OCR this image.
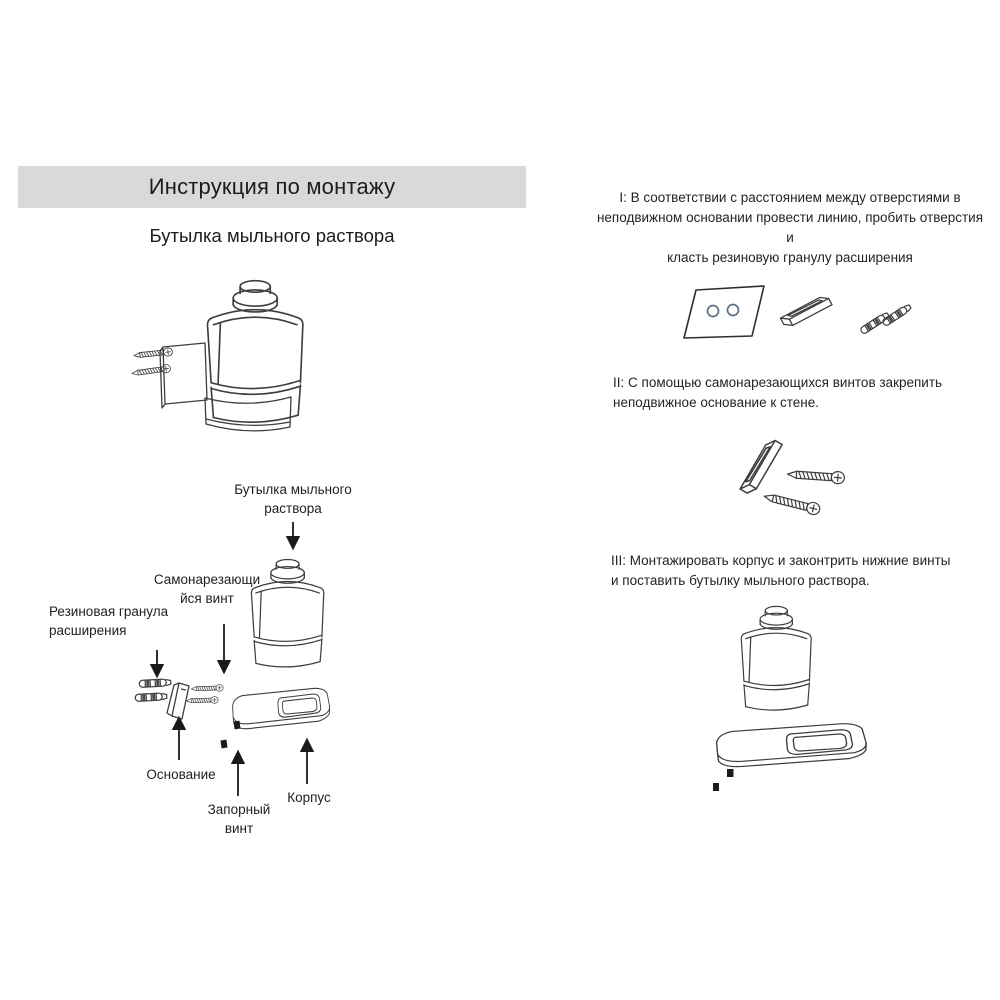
Инструкция по монтажу
Бутылка мыльного раствора
Бутылка мыльного
раствора
Самонарезающи
йся винт
Резиновая гранула
расширения
Основание
Запорный
винт
Корпус
I: В соответствии с расстоянием между отверстиями в
неподвижном основании провести линию, пробить отверстия и
класть резиновую гранулу расширения
II: С помощью самонарезающихся винтов закрепить
неподвижное основание к стене.
III: Монтажировать корпус и законтрить нижние винты
и поставить бутылку мыльного раствора.
